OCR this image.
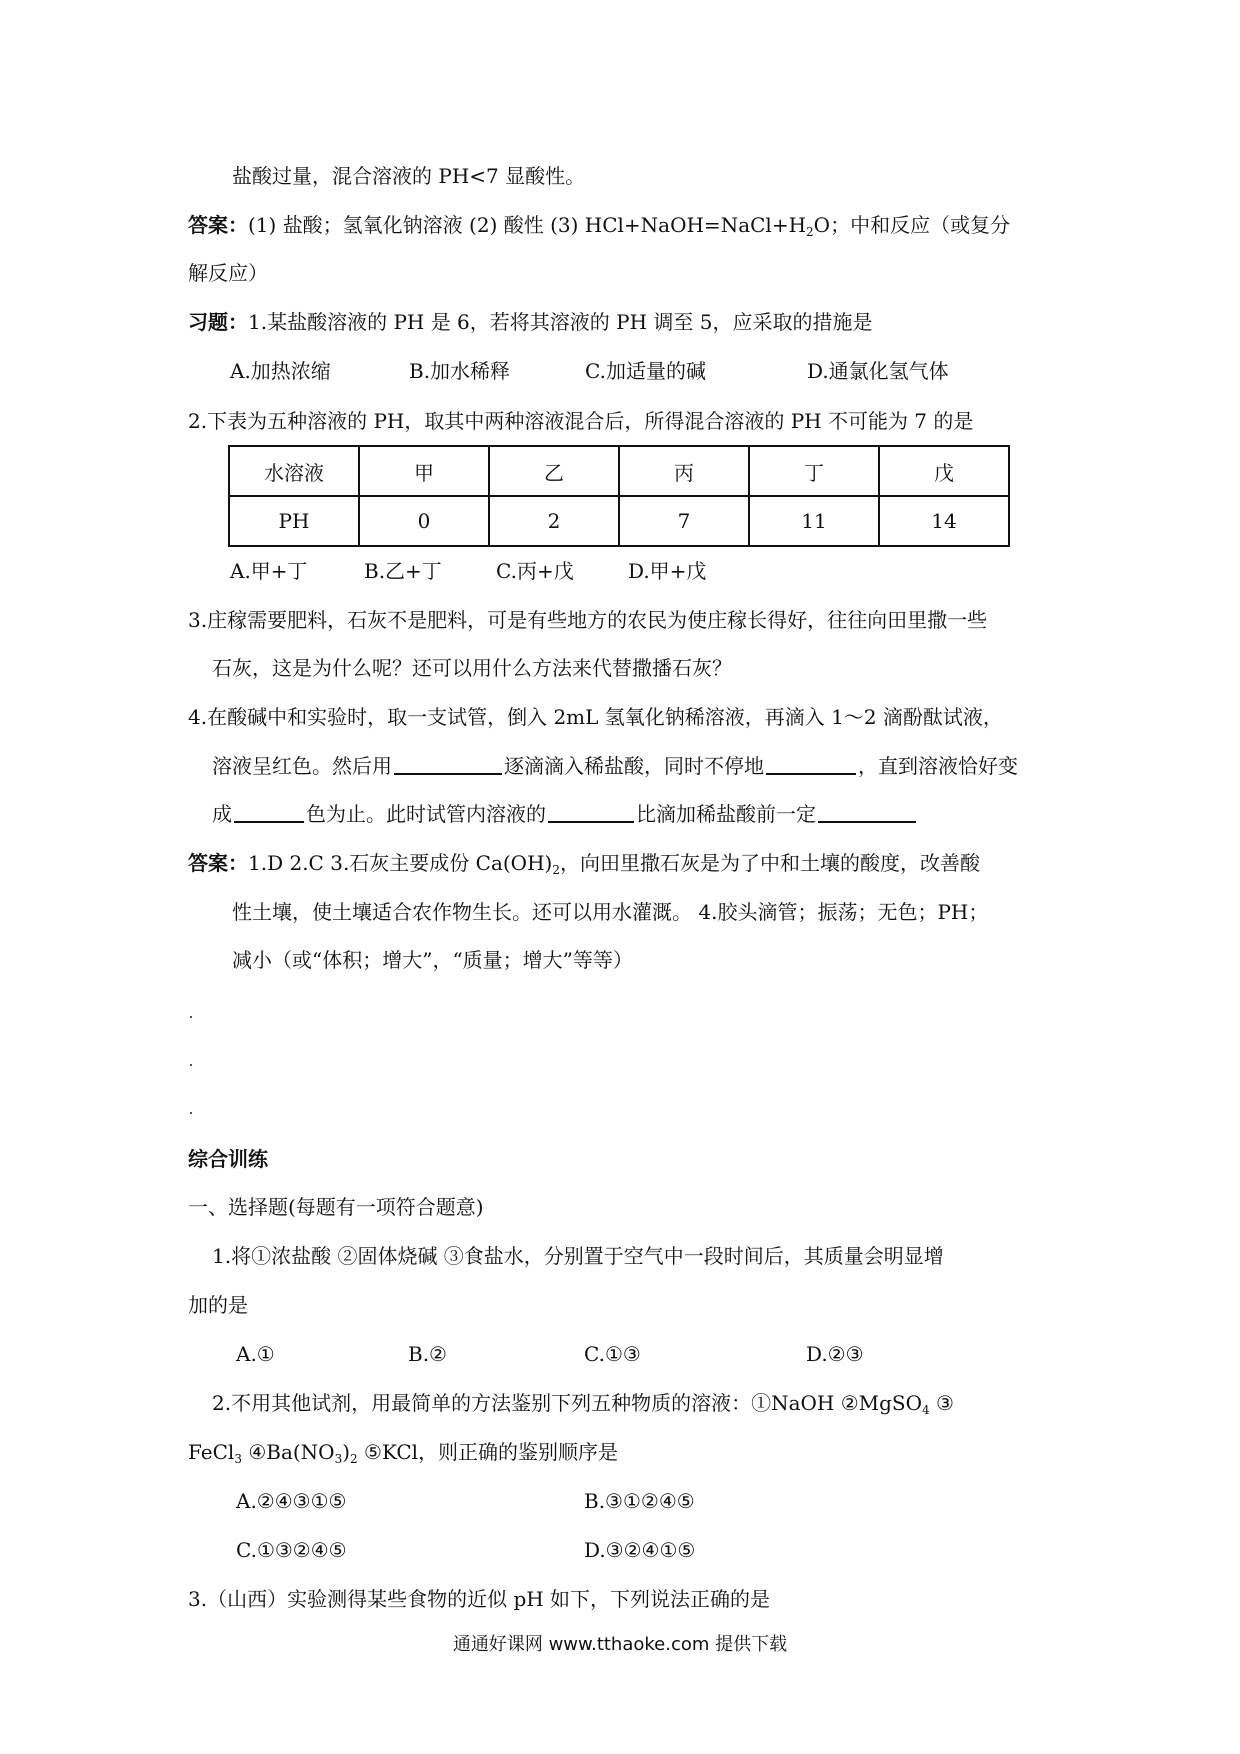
盐酸过量，混合溶液的 PH<7 显酸性。
答案：(1) 盐酸；氢氧化钠溶液 (2) 酸性 (3) $HCl+NaOH=NaCl+H_2O$；中和反应（或复分
解反应）
习题：1.某盐酸溶液的 PH 是 6，若将其溶液的 PH 调至 5，应采取的措施是
A.加热浓缩	B.加水稀释	C.加适量的碱	D.通氯化氢气体
2.下表为五种溶液的 PH，取其中两种溶液混合后，所得混合溶液的 PH 不可能为 7 的是
水溶液	甲	乙	丙	丁	戊
PH	0	2	7	11	14
A.甲+丁	B.乙+丁	C.丙+戊	D.甲+戊
3.庄稼需要肥料，石灰不是肥料，可是有些地方的农民为使庄稼长得好，往往向田里撒一些
石灰，这是为什么呢？还可以用什么方法来代替撒播石灰？
4.在酸碱中和实验时，取一支试管，倒入 2mL 氢氧化钠稀溶液，再滴入 1～2 滴酚酞试液，
溶液呈红色。然后用	逐滴滴入稀盐酸，同时不停地	，直到溶液恰好变
成	色为止。此时试管内溶液的	比滴加稀盐酸前一定
答案：1.D 2.C 3.石灰主要成份 $Ca(OH)_2$，向田里撒石灰是为了中和土壤的酸度，改善酸
性土壤，使土壤适合农作物生长。还可以用水灌溉。 4.胶头滴管；振荡；无色；PH；
减小（或“体积；增大”，“质量；增大”等等）
综合训练
一、选择题(每题有一项符合题意)
1.将①浓盐酸 ②固体烧碱 ③食盐水，分别置于空气中一段时间后，其质量会明显增
加的是
A.①	B.②	C.①③	D.②③
2.不用其他试剂，用最简单的方法鉴别下列五种物质的溶液：①NaOH ②MgSO$_4$ ③
FeCl$_3$ $④Ba(NO_3)_2$ ⑤KCl，则正确的鉴别顺序是
A.②④③①⑤	B.③①②④⑤
C.①③②④⑤	D.③②④①⑤
3.（山西）实验测得某些食物的近似 pH 如下，下列说法正确的是
通通好课网 www.tthaoke.com 提供下载
